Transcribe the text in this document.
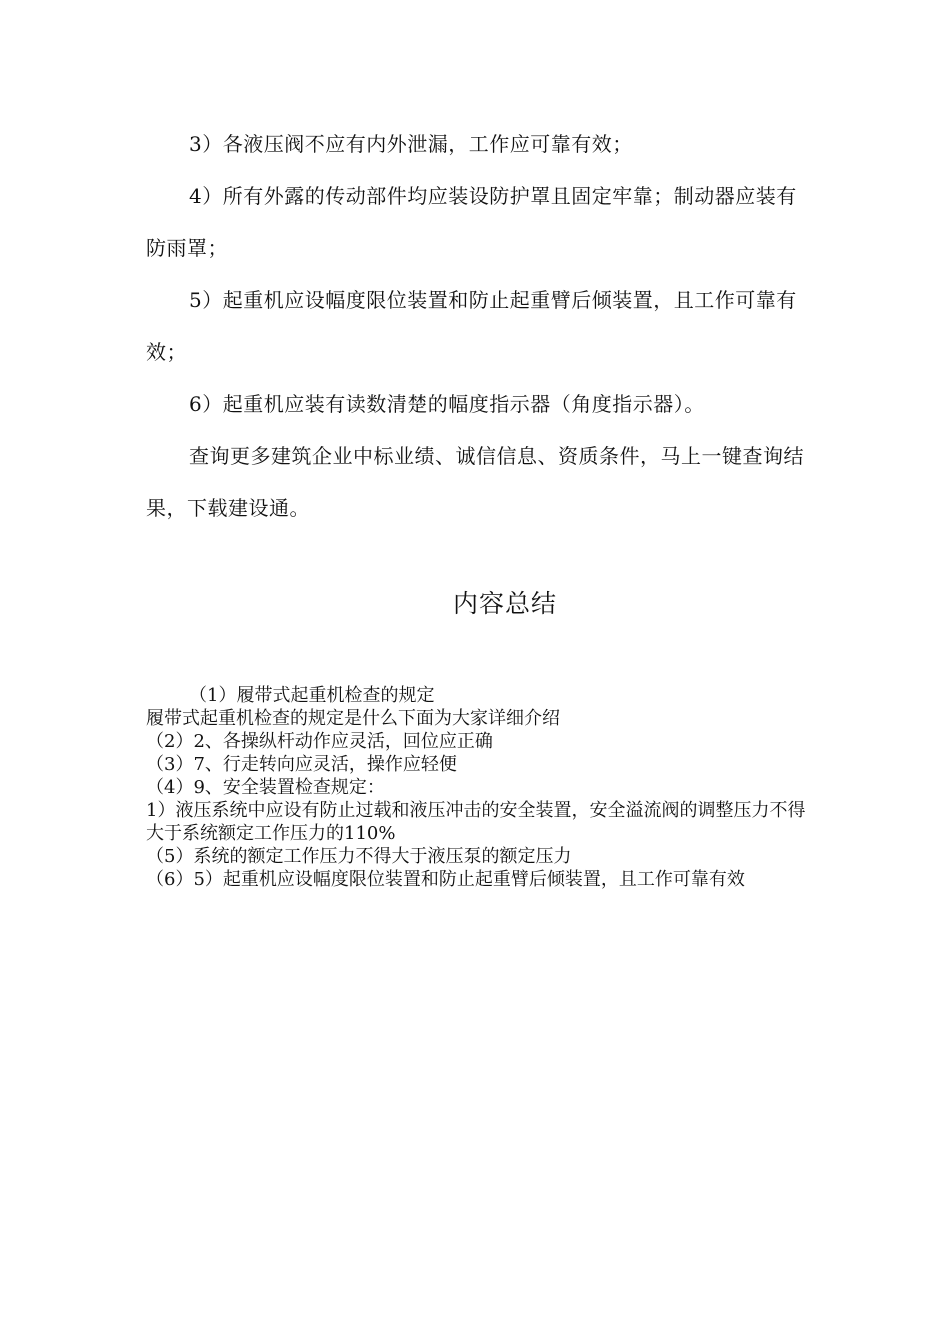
3）各液压阀不应有内外泄漏，工作应可靠有效；

4）所有外露的传动部件均应装设防护罩且固定牢靠；制动器应装有防雨罩；

5）起重机应设幅度限位装置和防止起重臂后倾装置，且工作可靠有效；

6）起重机应装有读数清楚的幅度指示器（角度指示器）。

查询更多建筑企业中标业绩、诚信信息、资质条件，马上一键查询结果，下载建设通。

内容总结

（1）履带式起重机检查的规定

履带式起重机检查的规定是什么下面为大家详细介绍

（2）2、各操纵杆动作应灵活，回位应正确

（3）7、行走转向应灵活，操作应轻便

（4）9、安全装置检查规定：

1）液压系统中应设有防止过载和液压冲击的安全装置，安全溢流阀的调整压力不得大于系统额定工作压力的110%

（5）系统的额定工作压力不得大于液压泵的额定压力

（6）5）起重机应设幅度限位装置和防止起重臂后倾装置，且工作可靠有效
